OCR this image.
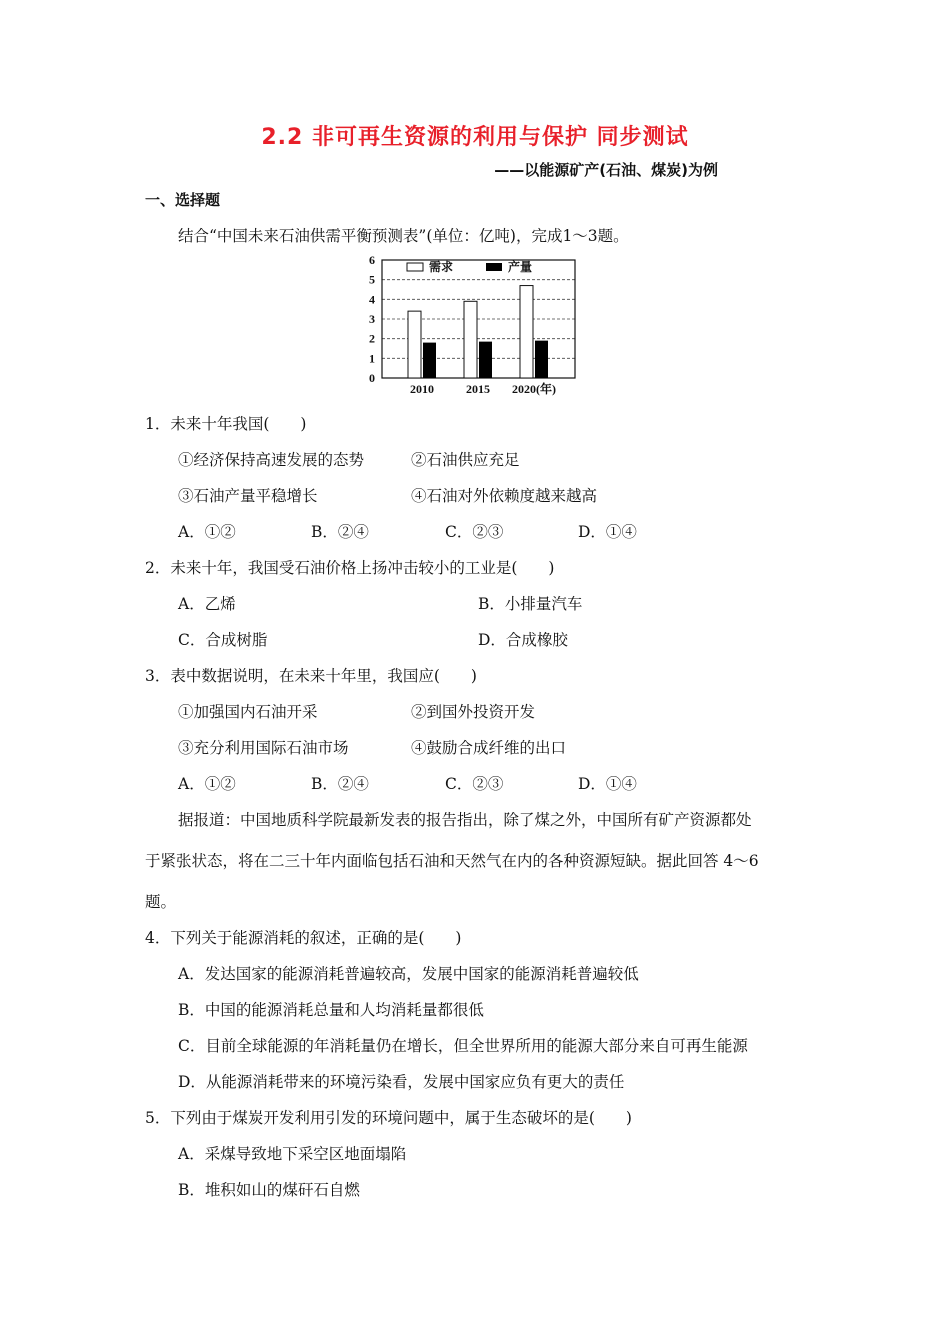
2.2 非可再生资源的利用与保护 同步测试
——以能源矿产(石油、煤炭)为例
一、选择题
结合“中国未来石油供需平衡预测表”(单位：亿吨)，完成1～3题。
0
1
2
3
4
5
6	需求	产量
2010	2015 2020(年)
1．未来十年我国(　　)
①经济保持高速发展的态势	②石油供应充足
③石油产量平稳增长	④石油对外依赖度越来越高
A．①②	B．②④	C．②③	D．①④
2．未来十年，我国受石油价格上扬冲击较小的工业是(　　)
A．乙烯	B．小排量汽车
C．合成树脂	D．合成橡胶
3．表中数据说明，在未来十年里，我国应(　　)
①加强国内石油开采	②到国外投资开发
③充分利用国际石油市场	④鼓励合成纤维的出口
A．①②	B．②④	C．②③	D．①④
据报道：中国地质科学院最新发表的报告指出，除了煤之外，中国所有矿产资源都处
于紧张状态，将在二三十年内面临包括石油和天然气在内的各种资源短缺。据此回答 4～6
题。
4．下列关于能源消耗的叙述，正确的是(　　)
A．发达国家的能源消耗普遍较高，发展中国家的能源消耗普遍较低
B．中国的能源消耗总量和人均消耗量都很低
C．目前全球能源的年消耗量仍在增长，但全世界所用的能源大部分来自可再生能源
D．从能源消耗带来的环境污染看，发展中国家应负有更大的责任
5．下列由于煤炭开发利用引发的环境问题中，属于生态破坏的是(　　)
A．采煤导致地下采空区地面塌陷
B．堆积如山的煤矸石自燃
